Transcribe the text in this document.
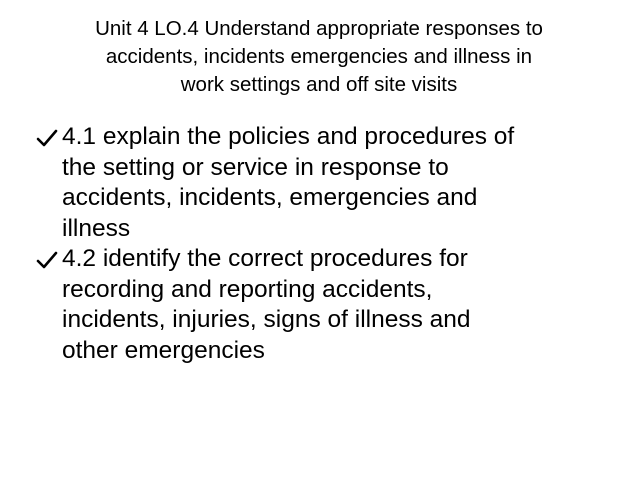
Unit 4 LO.4 Understand appropriate responses to
accidents, incidents emergencies and illness in
work settings and off site visits
4.1 explain the policies and procedures of
the setting or service in response to
accidents, incidents, emergencies and
illness
4.2 identify the correct procedures for
recording and reporting accidents,
incidents, injuries, signs of illness and
other emergencies
